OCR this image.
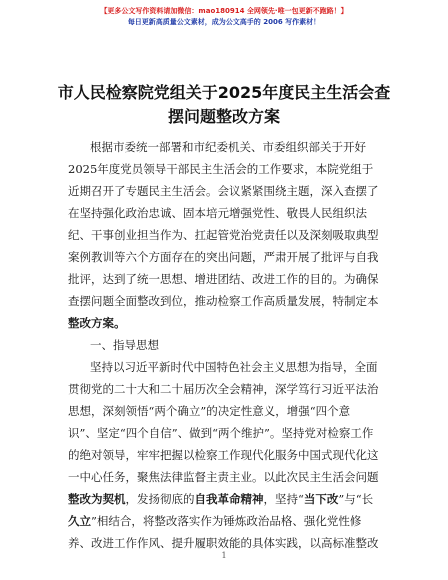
【更多公文写作资料请加微信：mao180914 全网领先·唯一包更新不跑路！】
每日更新高质量公文素材，成为公文高手的 2006 写作素材！
市人民检察院党组关于2025年度民主生活会查
摆问题整改方案
根据市委统一部署和市纪委机关、市委组织部关于开好
2025年度党员领导干部民主生活会的工作要求，本院党组于
近期召开了专题民主生活会。会议紧紧围绕主题，深入查摆了
在坚持强化政治忠诚、固本培元增强党性、敬畏人民组织法
纪、干事创业担当作为、扛起管党治党责任以及深刻吸取典型
案例教训等六个方面存在的突出问题，严肃开展了批评与自我
批评，达到了统一思想、增进团结、改进工作的目的。为确保
查摆问题全面整改到位，推动检察工作高质量发展，特制定本
整改方案。
一、指导思想
坚持以习近平新时代中国特色社会主义思想为指导，全面
贯彻党的二十大和二十届历次全会精神，深学笃行习近平法治
思想，深刻领悟“两个确立”的决定性意义，增强“四个意
识”、坚定“四个自信”、做到“两个维护”。坚持党对检察工作
的绝对领导，牢牢把握以检察工作现代化服务中国式现代化这
一中心任务，聚焦法律监督主责主业。以此次民主生活会问题
整改为契机，发扬彻底的自我革命精神，坚持“当下改”与“长
久立”相结合，将整改落实作为锤炼政治品格、强化党性修
养、改进工作作风、提升履职效能的具体实践，以高标准整改
1
